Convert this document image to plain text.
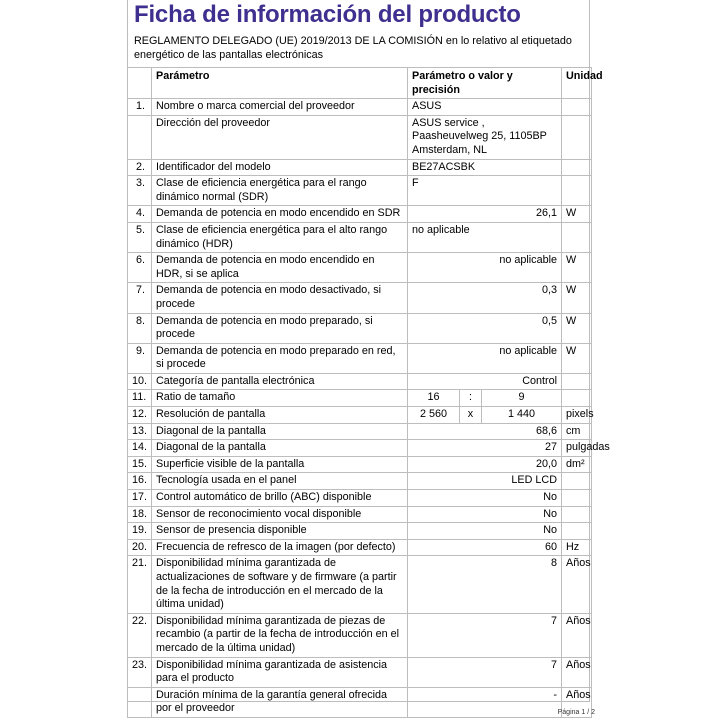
Ficha de información del producto
REGLAMENTO DELEGADO (UE) 2019/2013 DE LA COMISIÓN en lo relativo al etiquetado energético de las pantallas electrónicas
	Parámetro	Parámetro o valor y precisión			Unidad
1.	Nombre o marca comercial del proveedor	ASUS			
	Dirección del proveedor	ASUS service , Paasheuvelweg 25, 1105BP Amsterdam, NL			
2.	Identificador del modelo	BE27ACSBK			
3.	Clase de eficiencia energética para el rango dinámico normal (SDR)	F			
4.	Demanda de potencia en modo encendido en SDR	26,1			W
5.	Clase de eficiencia energética para el alto rango dinámico (HDR)	no aplicable			
6.	Demanda de potencia en modo encendido en HDR, si se aplica	no aplicable			W
7.	Demanda de potencia en modo desactivado, si procede	0,3			W
8.	Demanda de potencia en modo preparado, si procede	0,5			W
9.	Demanda de potencia en modo preparado en red, si procede	no aplicable			W
10.	Categoría de pantalla electrónica	Control			
11.	Ratio de tamaño	16	:	9	
12.	Resolución de pantalla	2 560	x	1 440	pixels
13.	Diagonal de la pantalla	68,6			cm
14.	Diagonal de la pantalla	27			pulgadas
15.	Superficie visible de la pantalla	20,0			dm²
16.	Tecnología usada en el panel	LED LCD			
17.	Control automático de brillo (ABC) disponible	No			
18.	Sensor de reconocimiento vocal disponible	No			
19.	Sensor de presencia disponible	No			
20.	Frecuencia de refresco de la imagen (por defecto)	60			Hz
21.	Disponibilidad mínima garantizada de actualizaciones de software y de firmware (a partir de la fecha de introducción en el mercado de la última unidad)	8			Años
22.	Disponibilidad mínima garantizada de piezas de recambio (a partir de la fecha de introducción en el mercado de la última unidad)	7			Años
23.	Disponibilidad mínima garantizada de asistencia para el producto	7			Años
	Duración mínima de la garantía general ofrecida por el proveedor	-			Años
Página 1 / 2
